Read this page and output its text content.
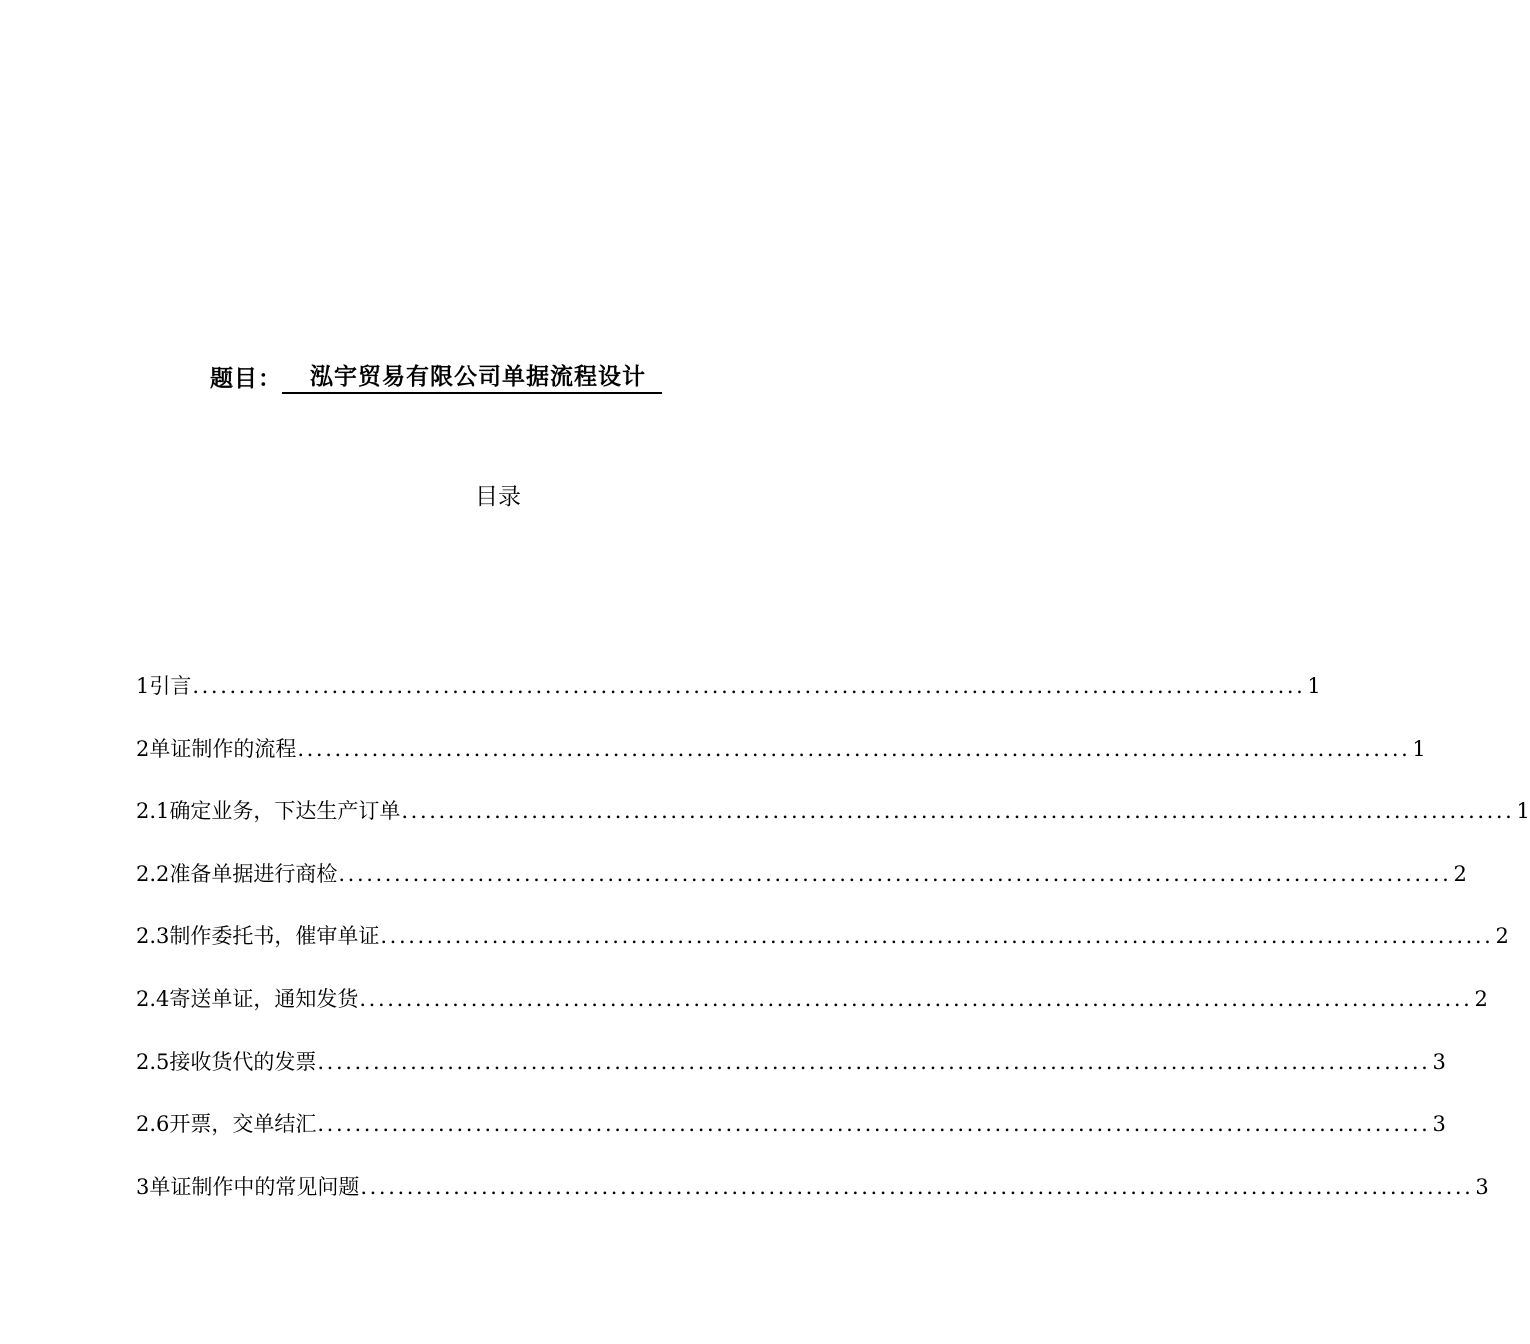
题目：	泓宇贸易有限公司单据流程设计
目录
1引言 ........................................................................................................................ 1
2单证制作的流程 ........................................................................................................................ 1
2.1确定业务，下达生产订单 ........................................................................................................................ 1
2.2准备单据进行商检 ........................................................................................................................ 2
2.3制作委托书，催审单证 ........................................................................................................................ 2
2.4寄送单证，通知发货 ........................................................................................................................ 2
2.5接收货代的发票 ........................................................................................................................ 3
2.6开票，交单结汇 ........................................................................................................................ 3
3单证制作中的常见问题 ........................................................................................................................ 3
